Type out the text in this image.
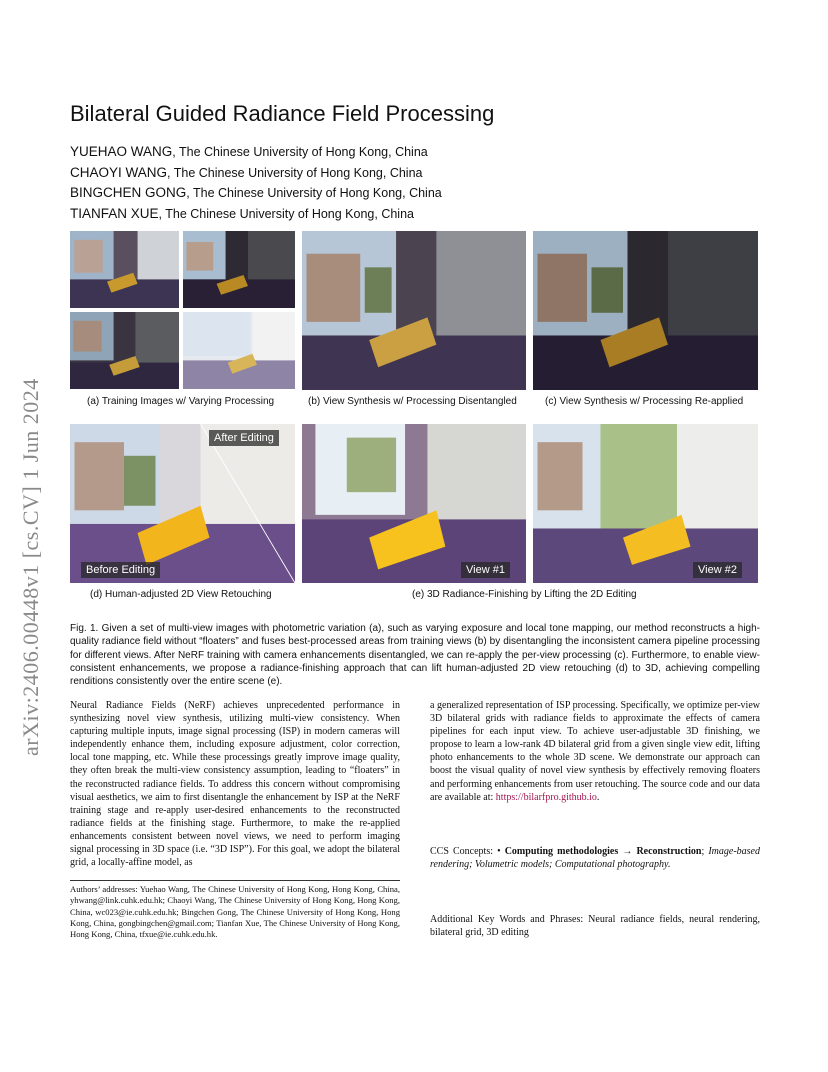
arXiv:2406.00448v1 [cs.CV] 1 Jun 2024
Bilateral Guided Radiance Field Processing
YUEHAO WANG, The Chinese University of Hong Kong, China
CHAOYI WANG, The Chinese University of Hong Kong, China
BINGCHEN GONG, The Chinese University of Hong Kong, China
TIANFAN XUE, The Chinese University of Hong Kong, China
(a) Training Images w/ Varying Processing	(b) View Synthesis w/ Processing Disentangled	(c) View Synthesis w/ Processing Re-applied
After Editing
Before Editing	View #1	View #2
(d) Human-adjusted 2D View Retouching	(e) 3D Radiance-Finishing by Lifting the 2D Editing
Fig. 1. Given a set of multi-view images with photometric variation (a), such as varying exposure and local tone mapping, our method reconstructs a high-quality radiance field without “floaters” and fuses best-processed areas from training views (b) by disentangling the inconsistent camera pipeline processing for different views. After NeRF training with camera enhancements disentangled, we can re-apply the per-view processing (c). Furthermore, to enable view-consistent enhancements, we propose a radiance-finishing approach that can lift human-adjusted 2D view retouching (d) to 3D, achieving compelling renditions consistently over the entire scene (e).

Neural Radiance Fields (NeRF) achieves unprecedented performance in synthesizing novel view synthesis, utilizing multi-view consistency. When capturing multiple inputs, image signal processing (ISP) in modern cameras will independently enhance them, including exposure adjustment, color correction, local tone mapping, etc. While these processings greatly improve image quality, they often break the multi-view consistency assumption, leading to “floaters” in the reconstructed radiance fields. To address this concern without compromising visual aesthetics, we aim to first disentangle the enhancement by ISP at the NeRF training stage and re-apply user-desired enhancements to the reconstructed radiance fields at the finishing stage. Furthermore, to make the re-applied enhancements consistent between novel views, we need to perform imaging signal processing in 3D space (i.e. “3D ISP”). For this goal, we adopt the bilateral grid, a locally-affine model, as

a generalized representation of ISP processing. Specifically, we optimize per-view 3D bilateral grids with radiance fields to approximate the effects of camera pipelines for each input view. To achieve user-adjustable 3D finishing, we propose to learn a low-rank 4D bilateral grid from a given single view edit, lifting photo enhancements to the whole 3D scene. We demonstrate our approach can boost the visual quality of novel view synthesis by effectively removing floaters and performing enhancements from user retouching. The source code and our data are available at: https://bilarfpro.github.io.

CCS Concepts: • Computing methodologies → Reconstruction; Image-based rendering; Volumetric models; Computational photography.

Additional Key Words and Phrases: Neural radiance fields, neural rendering, bilateral grid, 3D editing

Authors’ addresses: Yuehao Wang, The Chinese University of Hong Kong, Hong Kong, China, yhwang@link.cuhk.edu.hk; Chaoyi Wang, The Chinese University of Hong Kong, Hong Kong, China, wc023@ie.cuhk.edu.hk; Bingchen Gong, The Chinese University of Hong Kong, Hong Kong, China, gongbingchen@gmail.com; Tianfan Xue, The Chinese University of Hong Kong, Hong Kong, China, tfxue@ie.cuhk.edu.hk.
